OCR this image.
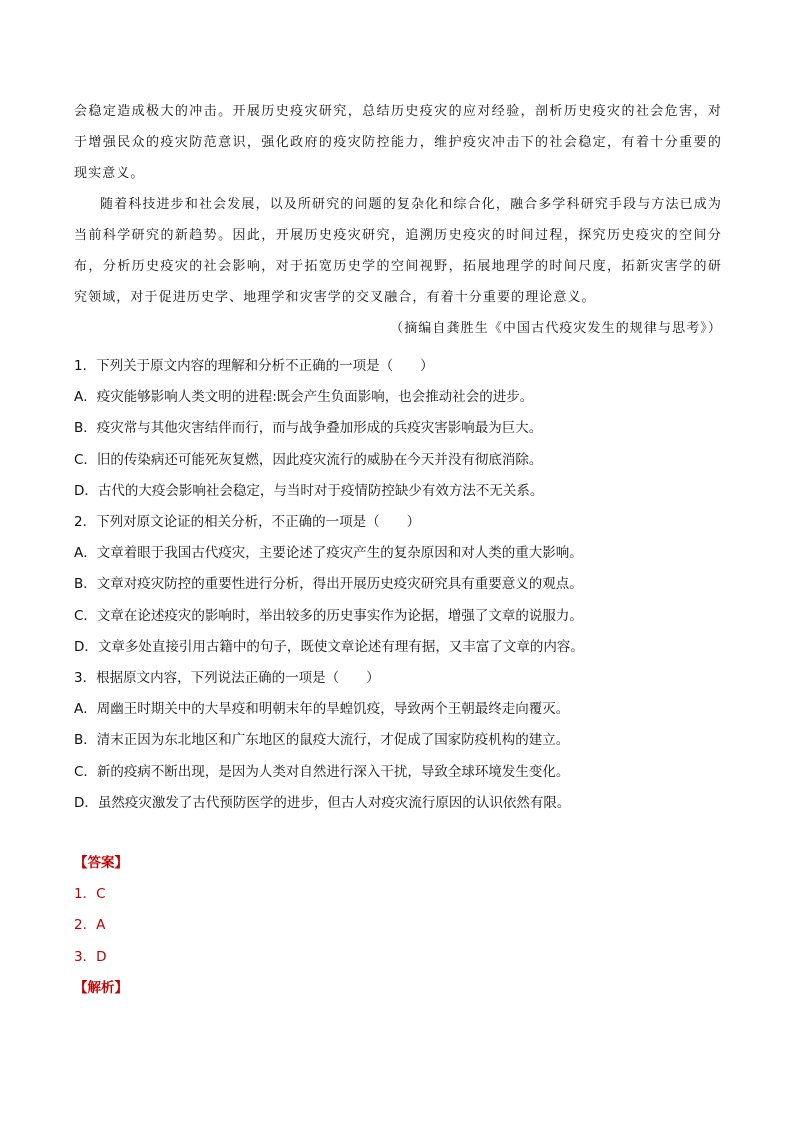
会稳定造成极大的冲击。开展历史疫灾研究，总结历史疫灾的应对经验，剖析历史疫灾的社会危害，对于增强民众的疫灾防范意识，强化政府的疫灾防控能力，维护疫灾冲击下的社会稳定，有着十分重要的现实意义。

随着科技进步和社会发展，以及所研究的问题的复杂化和综合化，融合多学科研究手段与方法已成为当前科学研究的新趋势。因此，开展历史疫灾研究，追溯历史疫灾的时间过程，探究历史疫灾的空间分布，分析历史疫灾的社会影响，对于拓宽历史学的空间视野，拓展地理学的时间尺度，拓新灾害学的研究领域，对于促进历史学、地理学和灾害学的交叉融合，有着十分重要的理论意义。

（摘编自龚胜生《中国古代疫灾发生的规律与思考》）

1．下列关于原文内容的理解和分析不正确的一项是（　　）
A．疫灾能够影响人类文明的进程:既会产生负面影响，也会推动社会的进步。
B．疫灾常与其他灾害结伴而行，而与战争叠加形成的兵疫灾害影响最为巨大。
C．旧的传染病还可能死灰复燃，因此疫灾流行的威胁在今天并没有彻底消除。
D．古代的大疫会影响社会稳定，与当时对于疫情防控缺少有效方法不无关系。
2．下列对原文论证的相关分析，不正确的一项是（　　）
A．文章着眼于我国古代疫灾，主要论述了疫灾产生的复杂原因和对人类的重大影响。
B．文章对疫灾防控的重要性进行分析，得出开展历史疫灾研究具有重要意义的观点。
C．文章在论述疫灾的影响时，举出较多的历史事实作为论据，增强了文章的说服力。
D．文章多处直接引用古籍中的句子，既使文章论述有理有据，又丰富了文章的内容。
3．根据原文内容，下列说法正确的一项是（　　）
A．周幽王时期关中的大旱疫和明朝末年的旱蝗饥疫，导致两个王朝最终走向覆灭。
B．清末正因为东北地区和广东地区的鼠疫大流行，才促成了国家防疫机构的建立。
C．新的疫病不断出现，是因为人类对自然进行深入干扰，导致全球环境发生变化。
D．虽然疫灾激发了古代预防医学的进步，但古人对疫灾流行原因的认识依然有限。
【答案】
1．C
2．A
3．D
【解析】
